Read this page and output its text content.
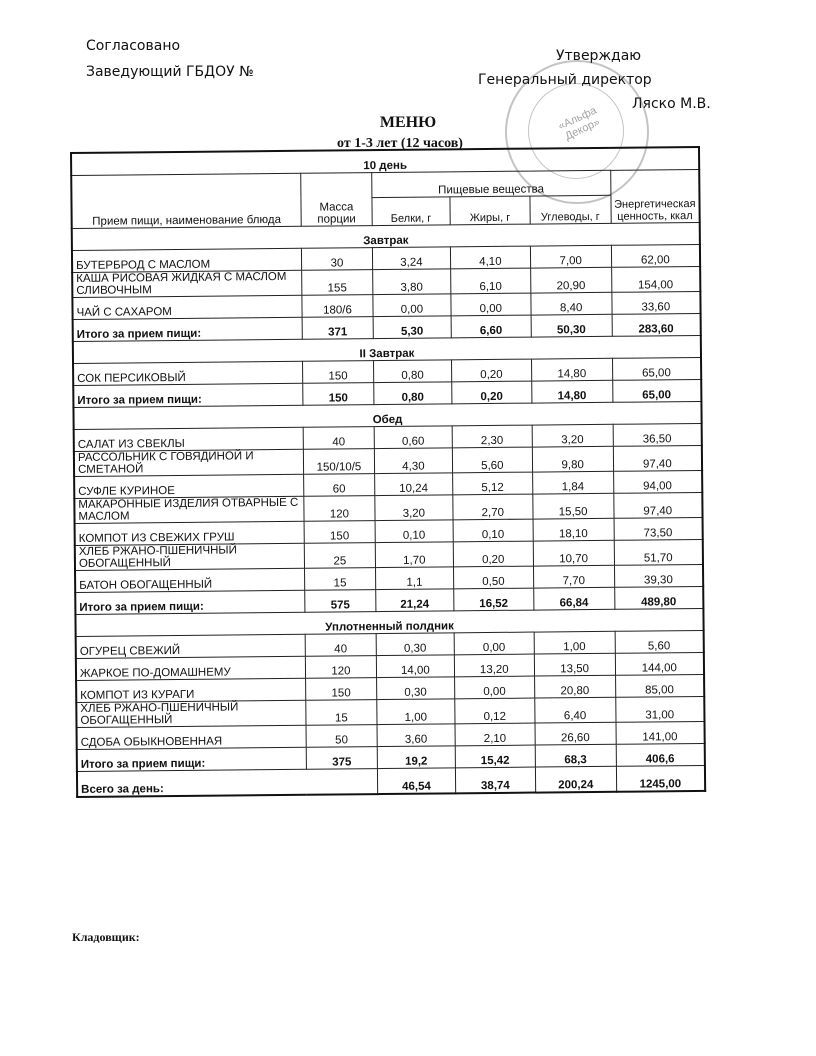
Согласовано
Заведующий ГБДОУ №
Утверждаю
Генеральный директор
Ляско М.В.
«Альфа Декор»
МЕНЮ
от 1-3 лет (12 часов)
10 день					
Прием пищи, наименование блюда	Масса порции	Пищевые вещества			Энергетическая ценность, ккал
		Белки, г	Жиры, г	Углеводы, г	
Завтрак					
БУТЕРБРОД С МАСЛОМ	30	3,24	4,10	7,00	62,00
КАША РИСОВАЯ ЖИДКАЯ С МАСЛОМ СЛИВОЧНЫМ	155	3,80	6,10	20,90	154,00
ЧАЙ С САХАРОМ	180/6	0,00	0,00	8,40	33,60
Итого за прием пищи:	371	5,30	6,60	50,30	283,60
II Завтрак					
СОК ПЕРСИКОВЫЙ	150	0,80	0,20	14,80	65,00
Итого за прием пищи:	150	0,80	0,20	14,80	65,00
Обед					
САЛАТ ИЗ СВЕКЛЫ	40	0,60	2,30	3,20	36,50
РАССОЛЬНИК С ГОВЯДИНОЙ И СМЕТАНОЙ	150/10/5	4,30	5,60	9,80	97,40
СУФЛЕ КУРИНОЕ	60	10,24	5,12	1,84	94,00
МАКАРОННЫЕ ИЗДЕЛИЯ ОТВАРНЫЕ С МАСЛОМ	120	3,20	2,70	15,50	97,40
КОМПОТ ИЗ СВЕЖИХ ГРУШ	150	0,10	0,10	18,10	73,50
ХЛЕБ РЖАНО-ПШЕНИЧНЫЙ ОБОГАЩЕННЫЙ	25	1,70	0,20	10,70	51,70
БАТОН ОБОГАЩЕННЫЙ	15	1,1	0,50	7,70	39,30
Итого за прием пищи:	575	21,24	16,52	66,84	489,80
Уплотненный полдник					
ОГУРЕЦ СВЕЖИЙ	40	0,30	0,00	1,00	5,60
ЖАРКОЕ ПО-ДОМАШНЕМУ	120	14,00	13,20	13,50	144,00
КОМПОТ ИЗ КУРАГИ	150	0,30	0,00	20,80	85,00
ХЛЕБ РЖАНО-ПШЕНИЧНЫЙ ОБОГАЩЕННЫЙ	15	1,00	0,12	6,40	31,00
СДОБА ОБЫКНОВЕННАЯ	50	3,60	2,10	26,60	141,00
Итого за прием пищи:	375	19,2	15,42	68,3	406,6
Всего за день:		46,54	38,74	200,24	1245,00
Кладовщик:
